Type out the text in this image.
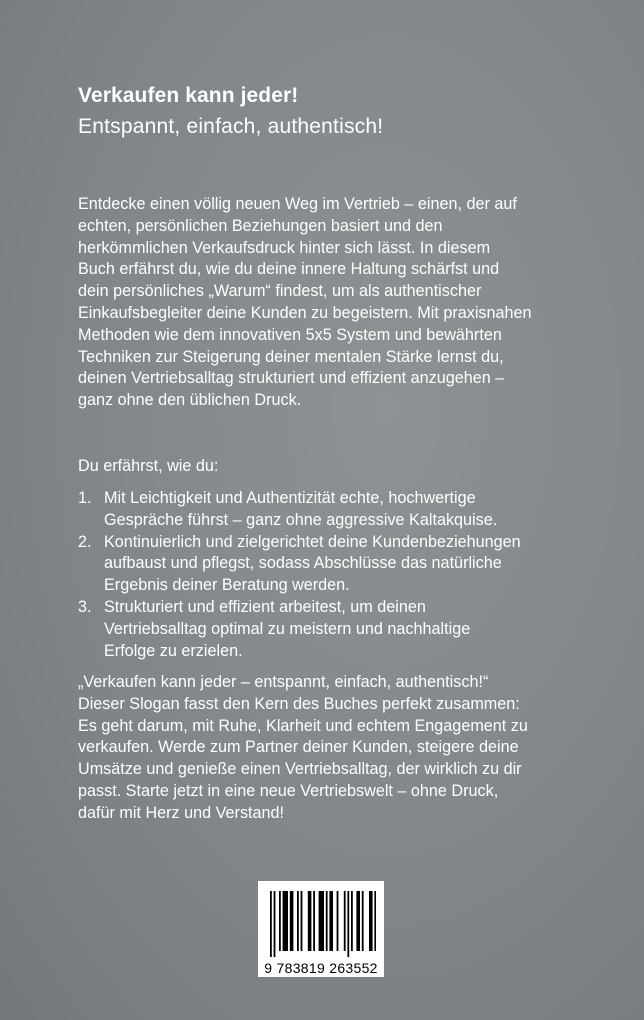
Verkaufen kann jeder!
Entspannt, einfach, authentisch!
Entdecke einen völlig neuen Weg im Vertrieb – einen, der auf
echten, persönlichen Beziehungen basiert und den
herkömmlichen Verkaufsdruck hinter sich lässt. In diesem
Buch erfährst du, wie du deine innere Haltung schärfst und
dein persönliches „Warum“ findest, um als authentischer
Einkaufsbegleiter deine Kunden zu begeistern. Mit praxisnahen
Methoden wie dem innovativen 5x5 System und bewährten
Techniken zur Steigerung deiner mentalen Stärke lernst du,
deinen Vertriebsalltag strukturiert und effizient anzugehen –
ganz ohne den üblichen Druck.
Du erfährst, wie du:
1. Mit Leichtigkeit und Authentizität echte, hochwertige
Gespräche führst – ganz ohne aggressive Kaltakquise.
2. Kontinuierlich und zielgerichtet deine Kundenbeziehungen
aufbaust und pflegst, sodass Abschlüsse das natürliche
Ergebnis deiner Beratung werden.
3. Strukturiert und effizient arbeitest, um deinen
Vertriebsalltag optimal zu meistern und nachhaltige
Erfolge zu erzielen.
„Verkaufen kann jeder – entspannt, einfach, authentisch!“
Dieser Slogan fasst den Kern des Buches perfekt zusammen:
Es geht darum, mit Ruhe, Klarheit und echtem Engagement zu
verkaufen. Werde zum Partner deiner Kunden, steigere deine
Umsätze und genieße einen Vertriebsalltag, der wirklich zu dir
passt. Starte jetzt in eine neue Vertriebswelt – ohne Druck,
dafür mit Herz und Verstand!
9 783819 263552
